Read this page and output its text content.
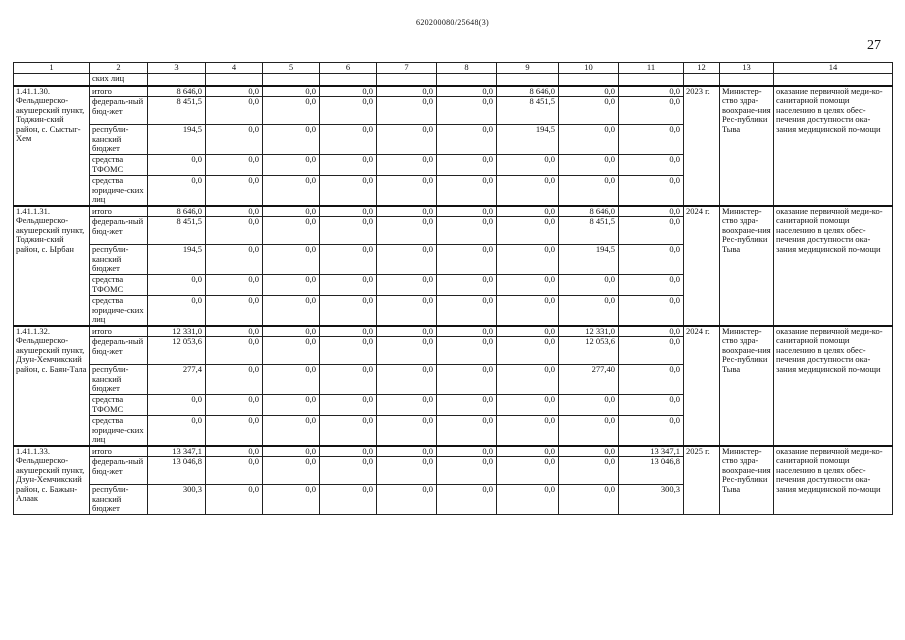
620200080/25648(3)
27
1	2	3	4	5	6	7	8	9	10	11	12	13	14
	ских лиц												
1.41.1.30. Фельдшерско-акушерский пункт, Тоджин-ский район, с. Сыстыг-Хем	итого	8 646,0	0,0	0,0	0,0	0,0	0,0	8 646,0	0,0	0,0	2023 г.	Министер-ство здра-воохране-ния Рес-публики Тыва	оказание первичной меди-ко-санитарной помощи населению в целях обес-печения доступности ока-зания медицинской по-мощи
	федераль-ный бюд-жет	8 451,5	0,0	0,0	0,0	0,0	0,0	8 451,5	0,0	0,0			
	республи-канский бюджет	194,5	0,0	0,0	0,0	0,0	0,0	194,5	0,0	0,0			
	средства ТФОМС	0,0	0,0	0,0	0,0	0,0	0,0	0,0	0,0	0,0			
	средства юридиче-ских лиц	0,0	0,0	0,0	0,0	0,0	0,0	0,0	0,0	0,0			
1.41.1.31. Фельдшерско-акушерский пункт, Тоджин-ский район, с. Ырбан	итого	8 646,0	0,0	0,0	0,0	0,0	0,0	0,0	8 646,0	0,0	2024 г.	Министер-ство здра-воохране-ния Рес-публики Тыва	оказание первичной меди-ко-санитарной помощи населению в целях обес-печения доступности ока-зания медицинской по-мощи
	федераль-ный бюд-жет	8 451,5	0,0	0,0	0,0	0,0	0,0	0,0	8 451,5	0,0			
	республи-канский бюджет	194,5	0,0	0,0	0,0	0,0	0,0	0,0	194,5	0,0			
	средства ТФОМС	0,0	0,0	0,0	0,0	0,0	0,0	0,0	0,0	0,0			
	средства юридиче-ских лиц	0,0	0,0	0,0	0,0	0,0	0,0	0,0	0,0	0,0			
1.41.1.32. Фельдшерско-акушерский пункт, Дзун-Хемчикский район, с. Баян-Тала	итого	12 331,0	0,0	0,0	0,0	0,0	0,0	0,0	12 331,0	0,0	2024 г.	Министер-ство здра-воохране-ния Рес-публики Тыва	оказание первичной меди-ко-санитарной помощи населению в целях обес-печения доступности ока-зания медицинской по-мощи
	федераль-ный бюд-жет	12 053,6	0,0	0,0	0,0	0,0	0,0	0,0	12 053,6	0,0			
	республи-канский бюджет	277,4	0,0	0,0	0,0	0,0	0,0	0,0	277,40	0,0			
	средства ТФОМС	0,0	0,0	0,0	0,0	0,0	0,0	0,0	0,0	0,0			
	средства юридиче-ских лиц	0,0	0,0	0,0	0,0	0,0	0,0	0,0	0,0	0,0			
1.41.1.33. Фельдшерско-акушерский пункт, Дзун-Хемчикский район, с. Бажын-Алаак	итого	13 347,1	0,0	0,0	0,0	0,0	0,0	0,0	0,0	13 347,1	2025 г.	Министер-ство здра-воохране-ния Рес-публики Тыва	оказание первичной меди-ко-санитарной помощи населению в целях обес-печения доступности ока-зания медицинской по-мощи
	федераль-ный бюд-жет	13 046,8	0,0	0,0	0,0	0,0	0,0	0,0	0,0	13 046,8			
	республи-канский бюджет	300,3	0,0	0,0	0,0	0,0	0,0	0,0	0,0	300,3			
